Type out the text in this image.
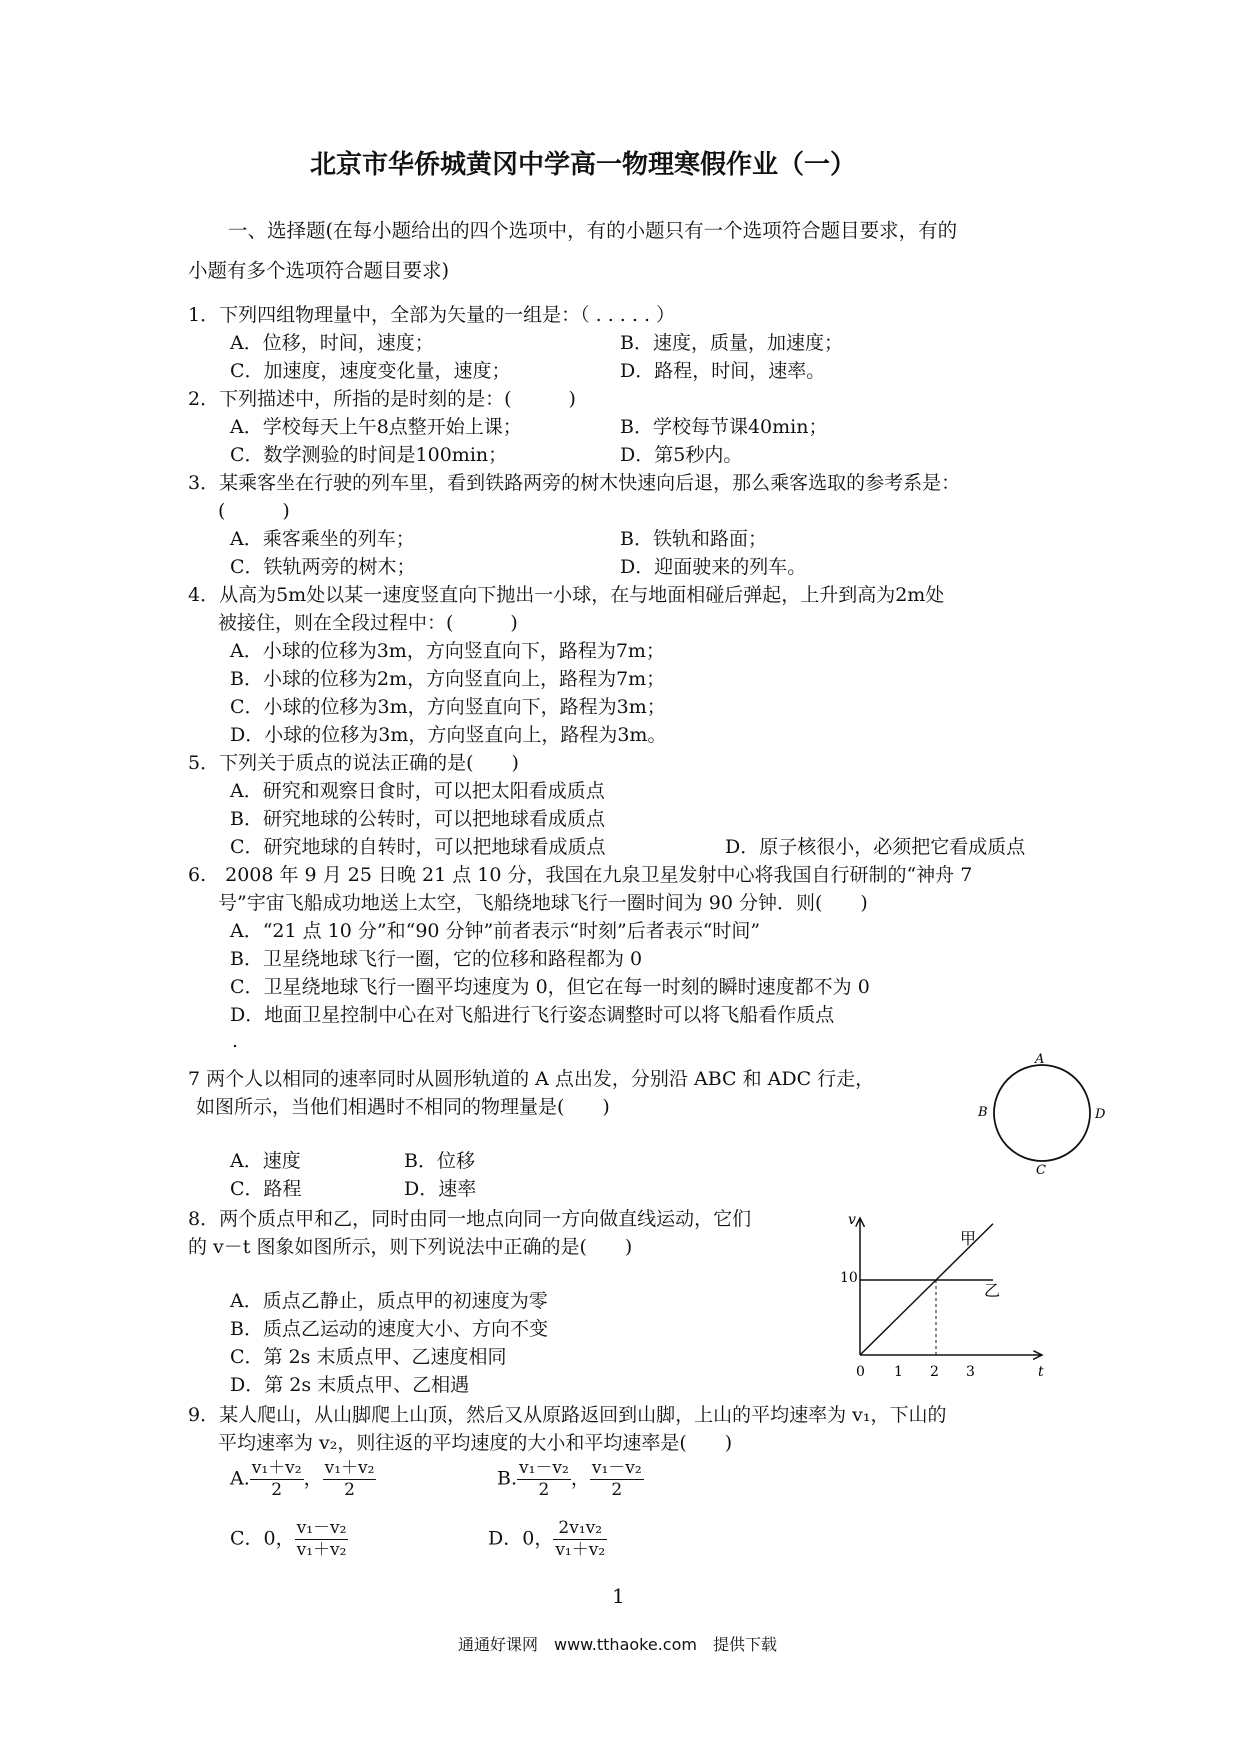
北京市华侨城黄冈中学高一物理寒假作业（一）
一、选择题(在每小题给出的四个选项中，有的小题只有一个选项符合题目要求，有的
小题有多个选项符合题目要求)
1．下列四组物理量中，全部为矢量的一组是：（ . . . . . ）
A．位移，时间，速度；	B．速度，质量，加速度；
C．加速度，速度变化量，速度；	D．路程，时间，速率。
2．下列描述中，所指的是时刻的是：(　　　)
A．学校每天上午8点整开始上课；	B．学校每节课40min；
C．数学测验的时间是100min；	D．第5秒内。
3．某乘客坐在行驶的列车里，看到铁路两旁的树木快速向后退，那么乘客选取的参考系是：
(　　　)
A．乘客乘坐的列车；	B．铁轨和路面；
C．铁轨两旁的树木；	D．迎面驶来的列车。
4．从高为5m处以某一速度竖直向下抛出一小球，在与地面相碰后弹起，上升到高为2m处
被接住，则在全段过程中：(　　　)
A．小球的位移为3m，方向竖直向下，路程为7m；
B．小球的位移为2m，方向竖直向上，路程为7m；
C．小球的位移为3m，方向竖直向下，路程为3m；
D．小球的位移为3m，方向竖直向上，路程为3m。
5．下列关于质点的说法正确的是(　　)
A．研究和观察日食时，可以把太阳看成质点
B．研究地球的公转时，可以把地球看成质点
C．研究地球的自转时，可以把地球看成质点	D．原子核很小，必须把它看成质点
6.　2008 年 9 月 25 日晚 21 点 10 分，我国在九泉卫星发射中心将我国自行研制的“神舟 7
号”宇宙飞船成功地送上太空，飞船绕地球飞行一圈时间为 90 分钟．则(　　)
A．“21 点 10 分”和“90 分钟”前者表示“时刻”后者表示“时间”
B．卫星绕地球飞行一圈，它的位移和路程都为 0
C．卫星绕地球飞行一圈平均速度为 0，但它在每一时刻的瞬时速度都不为 0
D．地面卫星控制中心在对飞船进行飞行姿态调整时可以将飞船看作质点
.
7 两个人以相同的速率同时从圆形轨道的 A 点出发，分别沿 ABC 和 ADC 行走，
如图所示，当他们相遇时不相同的物理量是(　　)
A．速度	B．位移
C．路程	D．速率
A
B
C
D
8．两个质点甲和乙，同时由同一地点向同一方向做直线运动，它们
的 v－t 图象如图所示，则下列说法中正确的是(　　)
A．质点乙静止，质点甲的初速度为零
B．质点乙运动的速度大小、方向不变
C．第 2s 末质点甲、乙速度相同
D．第 2s 末质点甲、乙相遇
v
t
10
0 1 2 3
甲
乙
9．某人爬山，从山脚爬上山顶，然后又从原路返回到山脚，上山的平均速率为 v₁，下山的
平均速率为 v₂，则往返的平均速度的大小和平均速率是(　　)
A. $\frac{\text{v₁＋v₂}}{2}$ ， $\frac{\text{v₁＋v₂}}{2}$	B. $\frac{\text{v₁－v₂}}{2}$ ， $\frac{\text{v₁－v₂}}{2}$
C．0， $\frac{\text{v₁－v₂}}{\text{v₁＋v₂}}$	D．0， $\frac{\text{2v₁v₂}}{\text{v₁＋v₂}}$
1
通通好课网　www.tthaoke.com　提供下载
